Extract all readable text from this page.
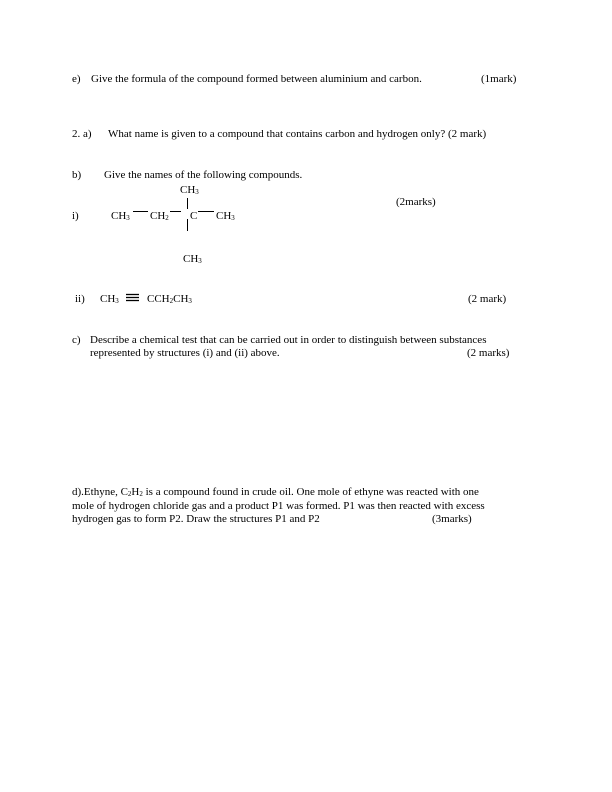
e) Give the formula of the compound formed between aluminium and carbon.	(1mark)
2. a) What name is given to a compound that contains carbon and hydrogen only? (2 mark)
b) Give the names of the following compounds.
$CH_3$
(2marks)
i)	$CH_3$ $CH_2$ C $CH_3$
$CH_3$
ii) $CH_3$	$CCH_2CH_3$	(2 mark)
c) Describe a chemical test that can be carried out in order to distinguish between substances
represented by structures (i) and (ii) above.	(2 marks)
d).Ethyne, $C_2H_2$ is a compound found in crude oil. One mole of ethyne was reacted with one
mole of hydrogen chloride gas and a product P1 was formed. P1 was then reacted with excess
hydrogen gas to form P2. Draw the structures P1 and P2	(3marks)
